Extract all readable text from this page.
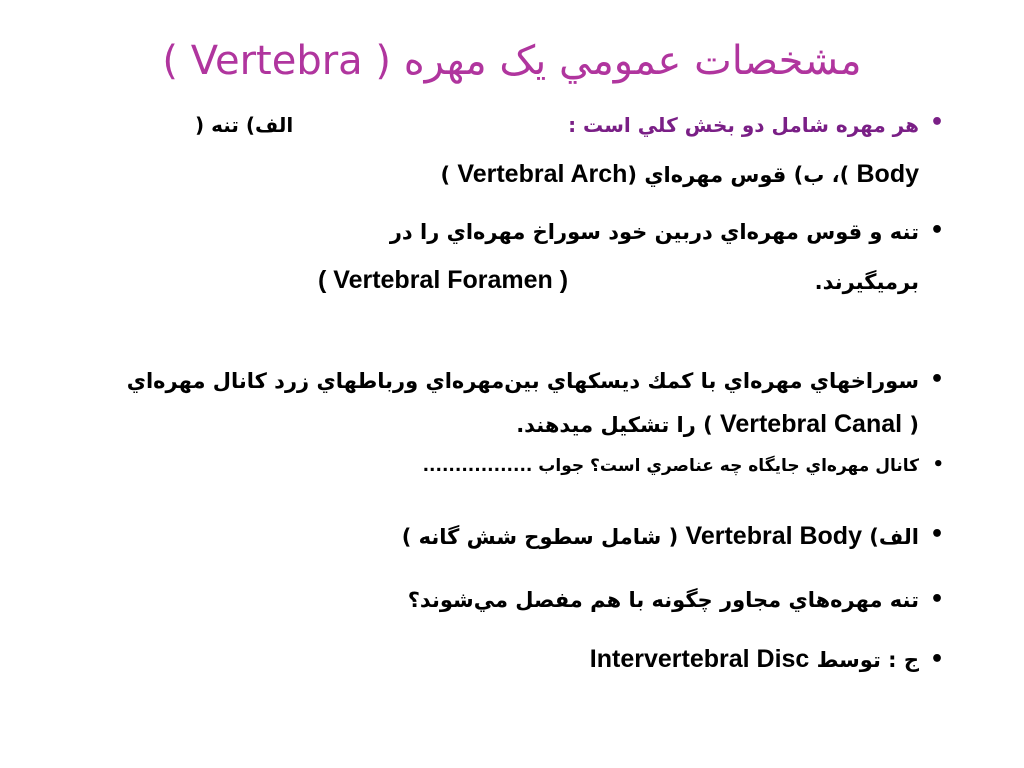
مشخصات عمومي يک مهره ( Vertebra )
•
هر مهره شامل دو بخش كلي است :
الف) تنه (
Body )، ب) قوس مهره‌اي (Vertebral Arch )
•
تنه و قوس مهره‌اي دربين خود سوراخ مهره‌اي را در
برميگيرند.
( Vertebral Foramen )
•
سوراخهاي مهره‌اي با كمك ديسكهاي بين‌مهره‌اي ورباطهاي زرد كانال مهره‌اي
( Vertebral Canal ) را تشكيل ميدهند.
•
كانال مهره‌اي جايگاه چه عناصري است؟ جواب .................
•
الف) Vertebral Body ( شامل سطوح شش گانه )
•
تنه مهره‌هاي مجاور چگونه با هم مفصل مي‌شوند؟
•
ج : توسط Intervertebral Disc
